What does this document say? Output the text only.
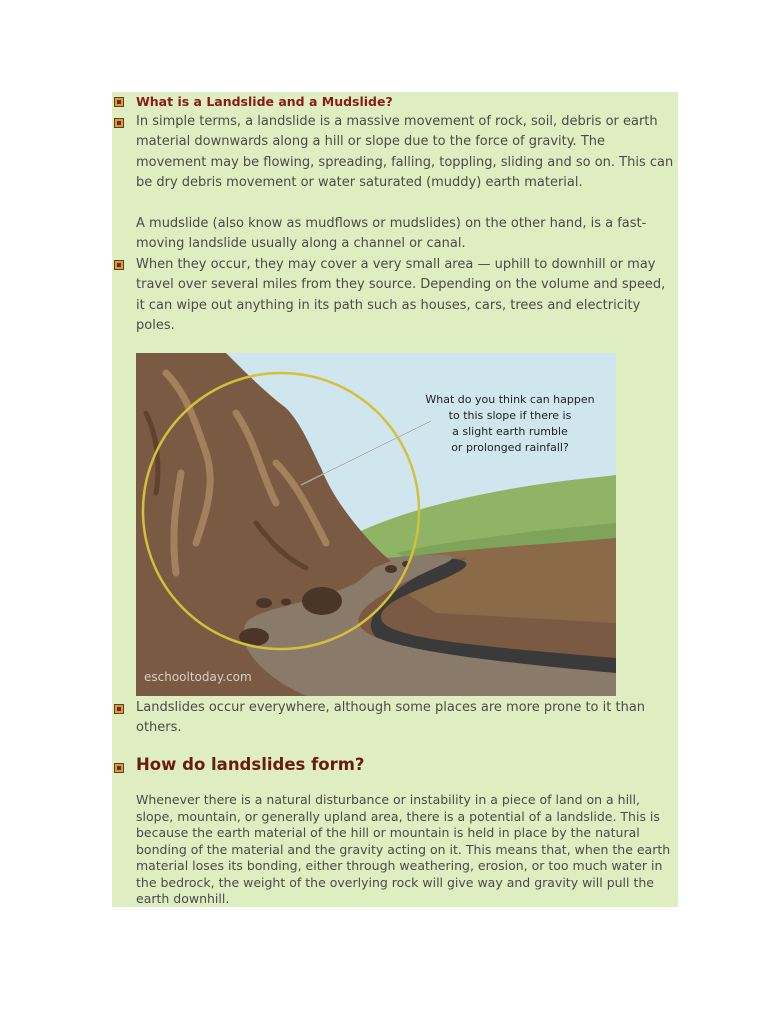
What is a Landslide and a Mudslide?
In simple terms, a landslide is a massive movement of rock, soil, debris or earth material downwards along a hill or slope due to the force of gravity. The movement may be flowing, spreading, falling, toppling, sliding and so on. This can be dry debris movement or water saturated (muddy) earth material.
A mudslide (also know as mudflows or mudslides) on the other hand, is a fast-moving landslide usually along a channel or canal.
When they occur, they may cover a very small area — uphill to downhill or may travel over several miles from they source. Depending on the volume and speed, it can wipe out anything in its path such as houses, cars, trees and electricity poles.
What do you think can happen
to this slope if there is
a slight earth rumble
or prolonged rainfall?
eschooltoday.com
Landslides occur everywhere, although some places are more prone to it than others.
How do landslides form?
Whenever there is a natural disturbance or instability in a piece of land on a hill, slope, mountain, or generally upland area, there is a potential of a landslide. This is because the earth material of the hill or mountain is held in place by the natural bonding of the material and the gravity acting on it. This means that, when the earth material loses its bonding, either through weathering, erosion, or too much water in the bedrock, the weight of the overlying rock will give way and gravity will pull the earth downhill.
